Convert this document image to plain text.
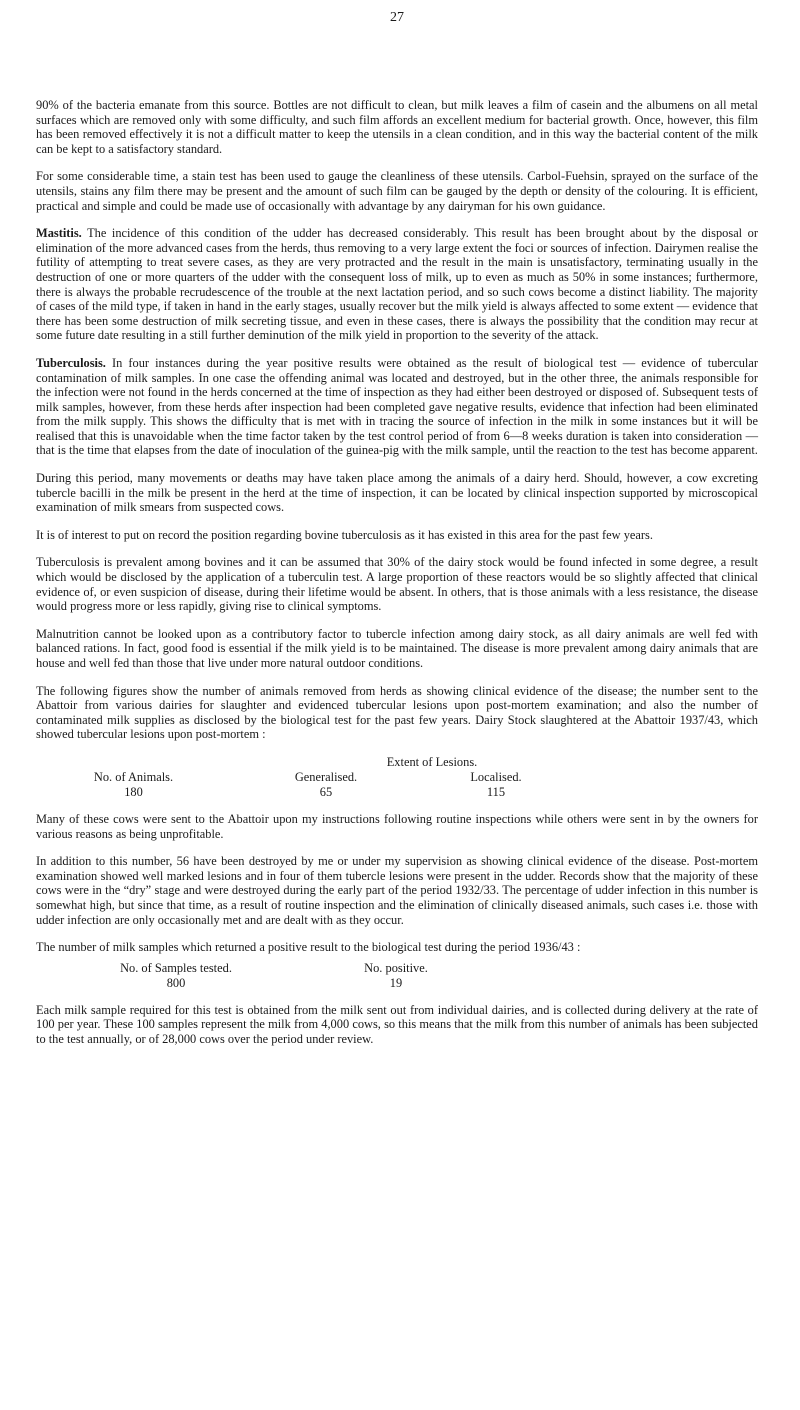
27

90% of the bacteria emanate from this source. Bottles are not difficult to clean, but milk leaves a film of casein and the albumens on all metal surfaces which are removed only with some difficulty, and such film affords an excellent medium for bacterial growth. Once, however, this film has been removed effectively it is not a difficult matter to keep the utensils in a clean condition, and in this way the bacterial content of the milk can be kept to a satisfactory standard.

For some considerable time, a stain test has been used to gauge the cleanliness of these utensils. Carbol-Fuehsin, sprayed on the surface of the utensils, stains any film there may be present and the amount of such film can be gauged by the depth or density of the colouring. It is efficient, practical and simple and could be made use of occasionally with advantage by any dairyman for his own guidance.

Mastitis. The incidence of this condition of the udder has decreased considerably. This result has been brought about by the disposal or elimination of the more advanced cases from the herds, thus removing to a very large extent the foci or sources of infection. Dairymen realise the futility of attempting to treat severe cases, as they are very protracted and the result in the main is unsatisfactory, terminating usually in the destruction of one or more quarters of the udder with the consequent loss of milk, up to even as much as 50% in some instances; furthermore, there is always the probable recrudescence of the trouble at the next lactation period, and so such cows become a distinct liability. The majority of cases of the mild type, if taken in hand in the early stages, usually recover but the milk yield is always affected to some extent — evidence that there has been some destruction of milk secreting tissue, and even in these cases, there is always the possibility that the condition may recur at some future date resulting in a still further deminution of the milk yield in proportion to the severity of the attack.

Tuberculosis. In four instances during the year positive results were obtained as the result of biological test — evidence of tubercular contamination of milk samples. In one case the offending animal was located and destroyed, but in the other three, the animals responsible for the infection were not found in the herds concerned at the time of inspection as they had either been destroyed or disposed of. Subsequent tests of milk samples, however, from these herds after inspection had been completed gave negative results, evidence that infection had been eliminated from the milk supply. This shows the difficulty that is met with in tracing the source of infection in the milk in some instances but it will be realised that this is unavoidable when the time factor taken by the test control period of from 6—8 weeks duration is taken into consideration — that is the time that elapses from the date of inoculation of the guinea-pig with the milk sample, until the reaction to the test has become apparent.

During this period, many movements or deaths may have taken place among the animals of a dairy herd. Should, however, a cow excreting tubercle bacilli in the milk be present in the herd at the time of inspection, it can be located by clinical inspection supported by microscopical examination of milk smears from suspected cows.

It is of interest to put on record the position regarding bovine tuberculosis as it has existed in this area for the past few years.

Tuberculosis is prevalent among bovines and it can be assumed that 30% of the dairy stock would be found infected in some degree, a result which would be disclosed by the application of a tuberculin test. A large proportion of these reactors would be so slightly affected that clinical evidence of, or even suspicion of disease, during their lifetime would be absent. In others, that is those animals with a less resistance, the disease would progress more or less rapidly, giving rise to clinical symptoms.

Malnutrition cannot be looked upon as a contributory factor to tubercle infection among dairy stock, as all dairy animals are well fed with balanced rations. In fact, good food is essential if the milk yield is to be maintained. The disease is more prevalent among dairy animals that are house and well fed than those that live under more natural outdoor conditions.

The following figures show the number of animals removed from herds as showing clinical evidence of the disease; the number sent to the Abattoir from various dairies for slaughter and evidenced tubercular lesions upon post-mortem examination; and also the number of contaminated milk supplies as disclosed by the biological test for the past few years. Dairy Stock slaughtered at the Abattoir 1937/43, which showed tubercular lesions upon post-mortem :

Extent of Lesions.
No. of Animals.	Generalised.	Localised.
180	65	115

Many of these cows were sent to the Abattoir upon my instructions following routine inspections while others were sent in by the owners for various reasons as being unprofitable.

In addition to this number, 56 have been destroyed by me or under my supervision as showing clinical evidence of the disease. Post-mortem examination showed well marked lesions and in four of them tubercle lesions were present in the udder. Records show that the majority of these cows were in the “dry” stage and were destroyed during the early part of the period 1932/33. The percentage of udder infection in this number is somewhat high, but since that time, as a result of routine inspection and the elimination of clinically diseased animals, such cases i.e. those with udder infection are only occasionally met and are dealt with as they occur.

The number of milk samples which returned a positive result to the biological test during the period 1936/43 :

No. of Samples tested.	No. positive.
800	19

Each milk sample required for this test is obtained from the milk sent out from individual dairies, and is collected during delivery at the rate of 100 per year. These 100 samples represent the milk from 4,000 cows, so this means that the milk from this number of animals has been subjected to the test annually, or of 28,000 cows over the period under review.
